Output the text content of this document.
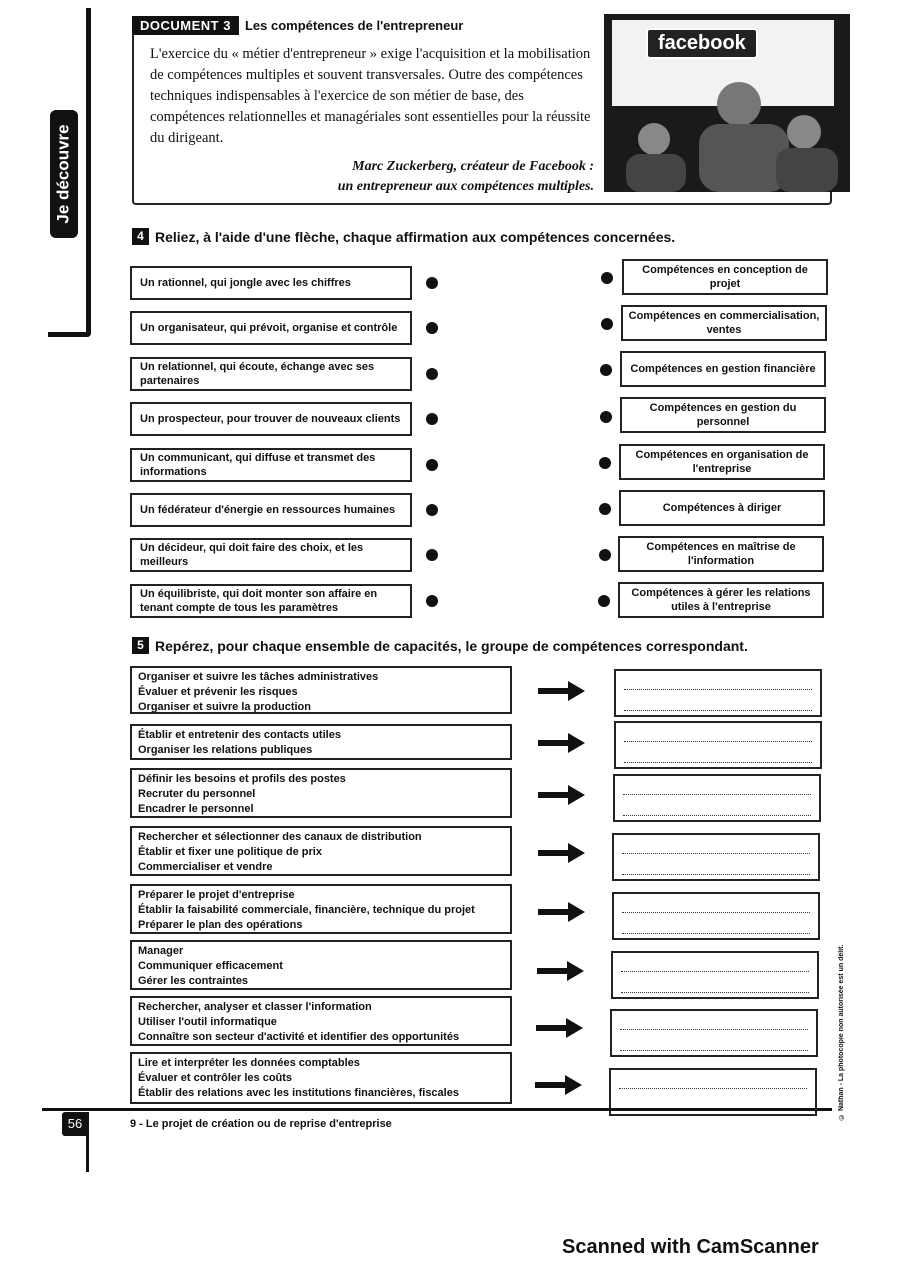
Je découvre
DOCUMENT 3	Les compétences de l'entrepreneur
L'exercice du « métier d'entrepreneur » exige l'acquisition et la mobilisation de compétences multiples et souvent transversales. Outre des compétences techniques indispensables à l'exercice de son métier de base, des compétences relationnelles et managériales sont essentielles pour la réussite du dirigeant.
Marc Zuckerberg, créateur de Facebook :
un entrepreneur aux compétences multiples.
facebook
4 Reliez, à l'aide d'une flèche, chaque affirmation aux compétences concernées.
Un rationnel, qui jongle avec les chiffres
Un organisateur, qui prévoit, organise et contrôle
Un relationnel, qui écoute, échange avec ses partenaires
Un prospecteur, pour trouver de nouveaux clients
Un communicant, qui diffuse et transmet des informations
Un fédérateur d'énergie en ressources humaines
Un décideur, qui doit faire des choix, et les meilleurs
Un équilibriste, qui doit monter son affaire en tenant compte de tous les paramètres
Compétences en conception de projet
Compétences en commercialisation, ventes
Compétences en gestion financière
Compétences en gestion du personnel
Compétences en organisation de l'entreprise
Compétences à diriger
Compétences en maîtrise de l'information
Compétences à gérer les relations utiles à l'entreprise
5 Repérez, pour chaque ensemble de capacités, le groupe de compétences correspondant.
Organiser et suivre les tâches administratives
Évaluer et prévenir les risques
Organiser et suivre la production
Établir et entretenir des contacts utiles
Organiser les relations publiques
Définir les besoins et profils des postes
Recruter du personnel
Encadrer le personnel
Rechercher et sélectionner des canaux de distribution
Établir et fixer une politique de prix
Commercialiser et vendre
Préparer le projet d'entreprise
Établir la faisabilité commerciale, financière, technique du projet
Préparer le plan des opérations
Manager
Communiquer efficacement
Gérer les contraintes
Rechercher, analyser et classer l'information
Utiliser l'outil informatique
Connaître son secteur d'activité et identifier des opportunités
Lire et interpréter les données comptables
Évaluer et contrôler les coûts
Établir des relations avec les institutions financières, fiscales
56	9 - Le projet de création ou de reprise d'entreprise
© Nathan - La photocopie non autorisée est un délit.
Scanned with CamScanner
